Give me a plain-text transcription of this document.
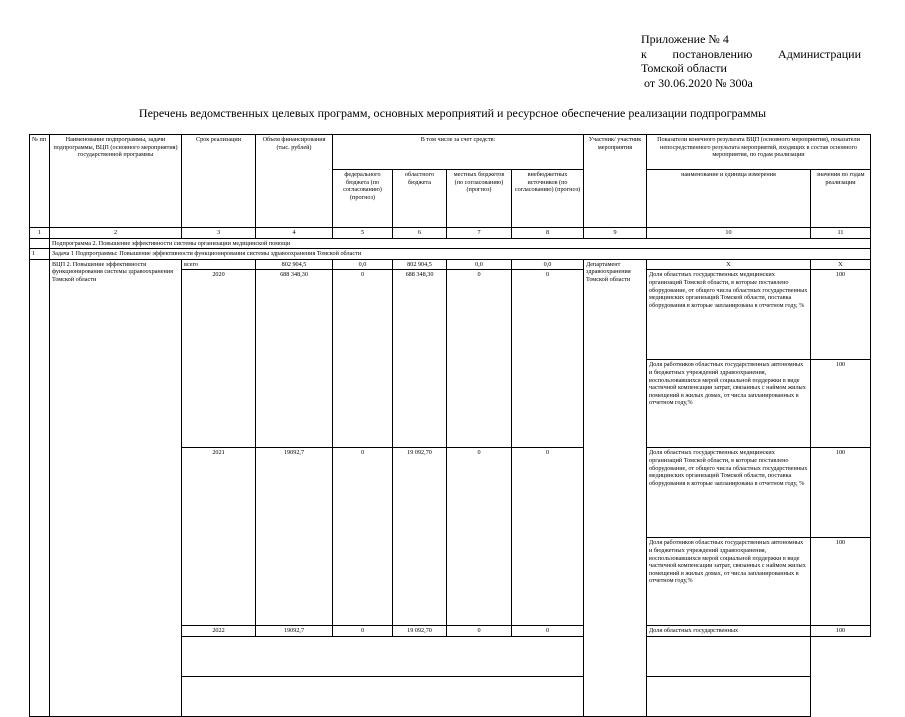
Приложение № 4
к постановлению Администрации
Томской области
от 30.06.2020 № 300а
Перечень ведомственных целевых программ, основных мероприятий и ресурсное обеспечение реализации подпрограммы
№ пп	Наименование подпрограммы, задачи подпрограммы, ВЦП (основного мероприятия) государственной программы	Срок реализации	Объем финансирования (тыс. рублей)	В том числе за счет средств:				Участник/ участник мероприятия	Показатели конечного результата ВЦП (основного мероприятия), показатели непосредственного результата мероприятий, входящих в состав основного мероприятия, по годам реализации	
				федерального бюджета (по согласованию) (прогноз)	областного бюджета	местных бюджетов (по согласованию) (прогноз)	внебюджетных источников (по согласованию) (прогноз)		наименование и единица измерения	значения по годам реализации
1	2	3	4	5	6	7	8	9	10	11
	Подпрограмма 2. Повышение эффективности системы организации медицинской помощи									
1	Задача 1 Подпрограммы: Повышение эффективности функционирования системы здравоохранения Томской области									
	ВЦП 2. Повышение эффективности функционирования системы здравоохранения Томской области	всего	802 904,5	0,0	802 904,5	0,0	0,0	Департамент здравоохранения Томской области	X	X
		2020	688 348,30	0	688 348,30	0	0		Доля областных государственных медицинских организаций Томской области, в которые поставлено оборудование, от общего числа областных государственных медицинских организаций Томской области, поставка оборудования в которые запланирована в отчетном году, %	100
									Доля работников областных государственных автономных и бюджетных учреждений здравоохранения, воспользовавшихся мерой социальной поддержки в виде частичной компенсации затрат, связанных с наймом жилых помещений в жилых домах, от числа запланированных в отчетном году,%	100
		2021	19092,7	0	19 092,70	0	0		Доля областных государственных медицинских организаций Томской области, в которые поставлено оборудование, от общего числа областных государственных медицинских организаций Томской области, поставка оборудования в которые запланирована в отчетном году, %	100
									Доля работников областных государственных автономных и бюджетных учреждений здравоохранения, воспользовавшихся мерой социальной поддержки в виде частичной компенсации затрат, связанных с наймом жилых помещений в жилых домах, от числа запланированных в отчетном году,%	100
		2022	19092,7	0	19 092,70	0	0		Доля областных государственных	100
